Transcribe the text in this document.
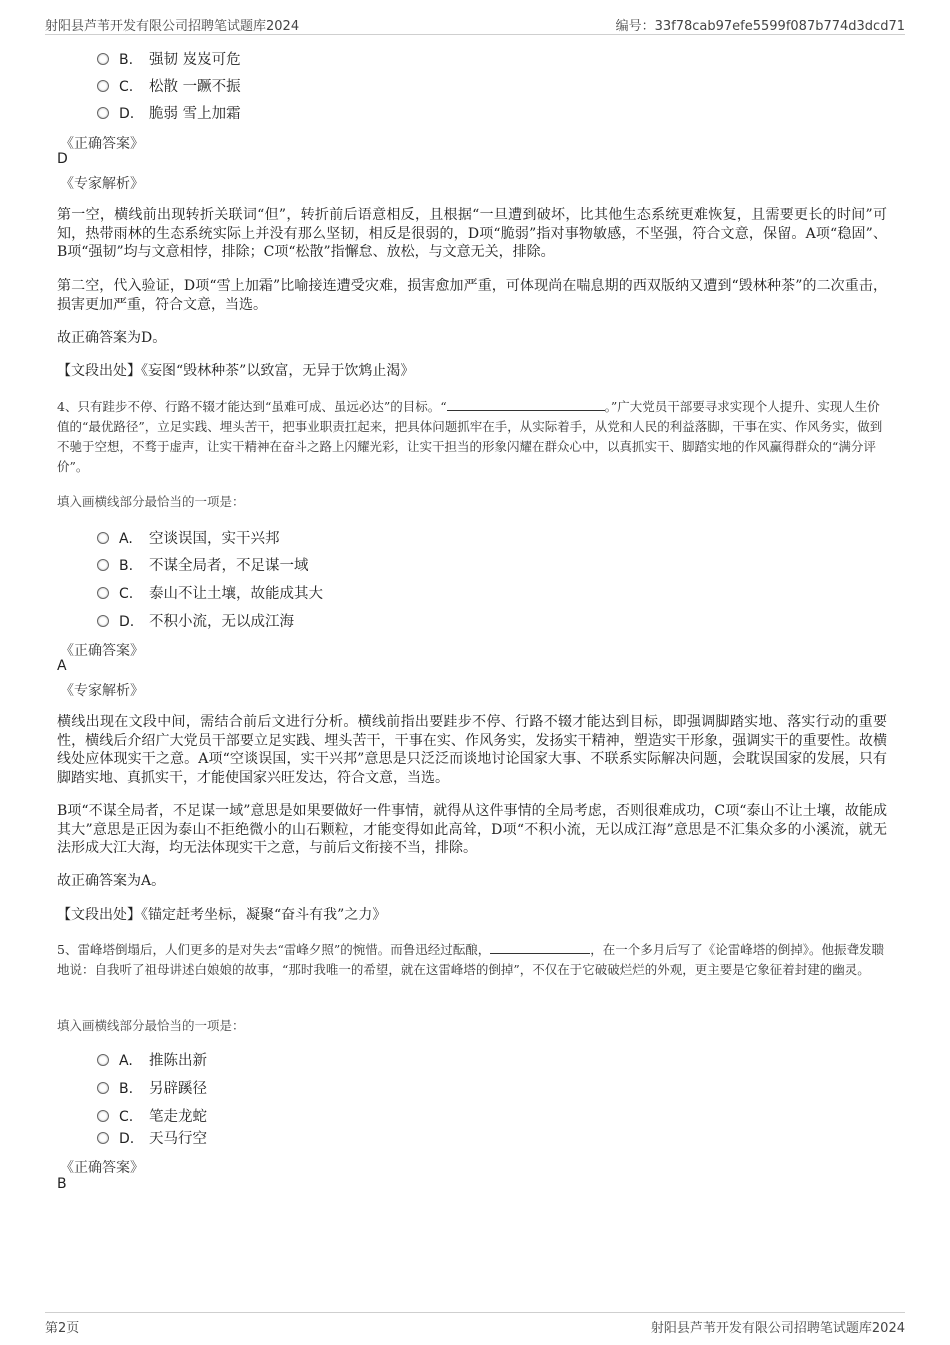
射阳县芦苇开发有限公司招聘笔试题库2024	编号：33f78cab97efe5599f087b774d3dcd71
B. 强韧 岌岌可危
C. 松散 一蹶不振
D. 脆弱 雪上加霜
《正确答案》
D
《专家解析》
第一空，横线前出现转折关联词“但”，转折前后语意相反，且根据“一旦遭到破坏，比其他生态系统更难恢复，且需要更长的时间”可知，热带雨林的生态系统实际上并没有那么坚韧，相反是很弱的，D项“脆弱”指对事物敏感，不坚强，符合文意，保留。A项“稳固”、B项“强韧”均与文意相悖，排除；C项“松散”指懈怠、放松，与文意无关，排除。
第二空，代入验证，D项“雪上加霜”比喻接连遭受灾难，损害愈加严重，可体现尚在喘息期的西双版纳又遭到“毁林种茶”的二次重击，损害更加严重，符合文意，当选。
故正确答案为D。
【文段出处】《妄图“毁林种茶”以致富，无异于饮鸩止渴》
4、只有跬步不停、行路不辍才能达到“虽难可成、虽远必达”的目标。“	。”广大党员干部要寻求实现个人提升、实现人生价值的“最优路径”，立足实践、埋头苦干，把事业职责扛起来，把具体问题抓牢在手，从实际着手，从党和人民的利益落脚，干事在实、作风务实，做到不驰于空想，不骛于虚声，让实干精神在奋斗之路上闪耀光彩，让实干担当的形象闪耀在群众心中，以真抓实干、脚踏实地的作风赢得群众的“满分评价”。
填入画横线部分最恰当的一项是：
A. 空谈误国，实干兴邦
B. 不谋全局者，不足谋一域
C. 泰山不让土壤，故能成其大
D. 不积小流，无以成江海
《正确答案》
A
《专家解析》
横线出现在文段中间，需结合前后文进行分析。横线前指出要跬步不停、行路不辍才能达到目标，即强调脚踏实地、落实行动的重要性，横线后介绍广大党员干部要立足实践、埋头苦干，干事在实、作风务实，发扬实干精神，塑造实干形象，强调实干的重要性。故横线处应体现实干之意。A项“空谈误国，实干兴邦”意思是只泛泛而谈地讨论国家大事、不联系实际解决问题，会耽误国家的发展，只有脚踏实地、真抓实干，才能使国家兴旺发达，符合文意，当选。
B项“不谋全局者，不足谋一域”意思是如果要做好一件事情，就得从这件事情的全局考虑，否则很难成功，C项“泰山不让土壤，故能成其大”意思是正因为泰山不拒绝微小的山石颗粒，才能变得如此高耸，D项“不积小流，无以成江海”意思是不汇集众多的小溪流，就无法形成大江大海，均无法体现实干之意，与前后文衔接不当，排除。
故正确答案为A。
【文段出处】《锚定赶考坐标，凝聚“奋斗有我”之力》
5、雷峰塔倒塌后，人们更多的是对失去“雷峰夕照”的惋惜。而鲁迅经过酝酿，	，在一个多月后写了《论雷峰塔的倒掉》。他振聋发聩地说：自我听了祖母讲述白娘娘的故事，“那时我唯一的希望，就在这雷峰塔的倒掉”，不仅在于它破破烂烂的外观，更主要是它象征着封建的幽灵。
填入画横线部分最恰当的一项是：
A. 推陈出新
B. 另辟蹊径
C. 笔走龙蛇
D. 天马行空
《正确答案》
B
第2页	射阳县芦苇开发有限公司招聘笔试题库2024
